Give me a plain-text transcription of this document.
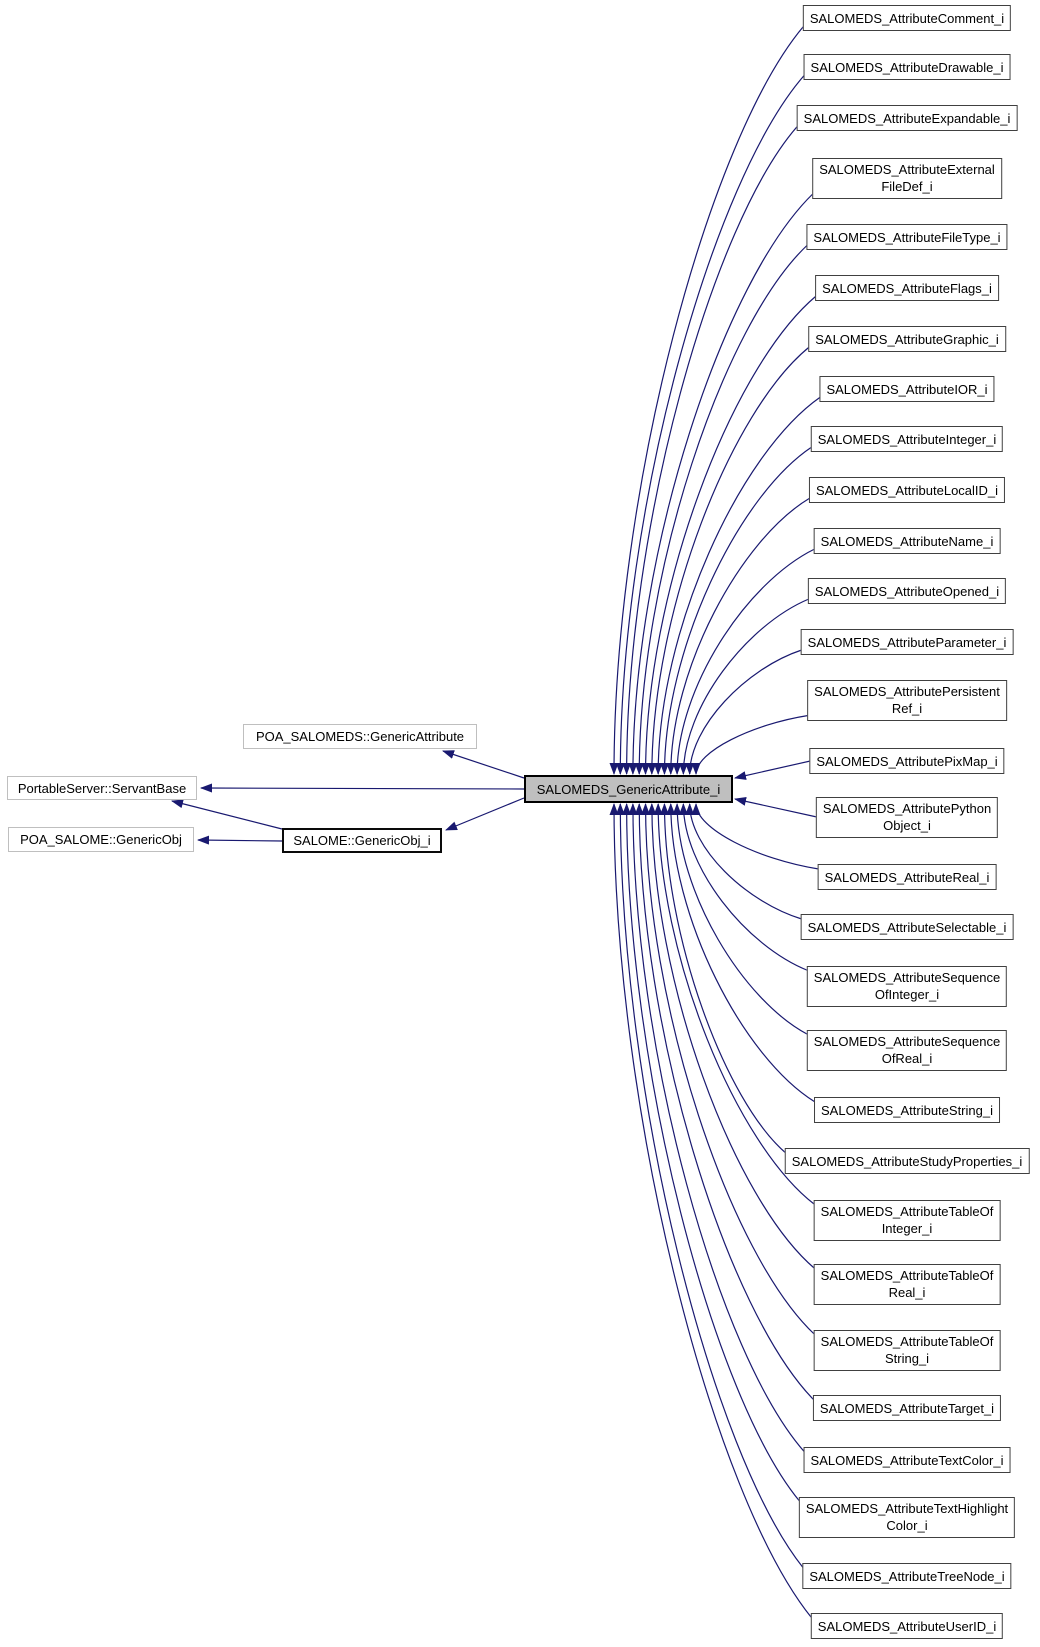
PortableServer::ServantBase
POA_SALOME::GenericObj
POA_SALOMEDS::GenericAttribute
SALOME::GenericObj_i
SALOMEDS_GenericAttribute_i
SALOMEDS_AttributeComment_i
SALOMEDS_AttributeDrawable_i
SALOMEDS_AttributeExpandable_i
SALOMEDS_AttributeExternal
FileDef_i
SALOMEDS_AttributeFileType_i
SALOMEDS_AttributeFlags_i
SALOMEDS_AttributeGraphic_i
SALOMEDS_AttributeIOR_i
SALOMEDS_AttributeInteger_i
SALOMEDS_AttributeLocalID_i
SALOMEDS_AttributeName_i
SALOMEDS_AttributeOpened_i
SALOMEDS_AttributeParameter_i
SALOMEDS_AttributePersistent
Ref_i
SALOMEDS_AttributePixMap_i
SALOMEDS_AttributePython
Object_i
SALOMEDS_AttributeReal_i
SALOMEDS_AttributeSelectable_i
SALOMEDS_AttributeSequence
OfInteger_i
SALOMEDS_AttributeSequence
OfReal_i
SALOMEDS_AttributeString_i
SALOMEDS_AttributeStudyProperties_i
SALOMEDS_AttributeTableOf
Integer_i
SALOMEDS_AttributeTableOf
Real_i
SALOMEDS_AttributeTableOf
String_i
SALOMEDS_AttributeTarget_i
SALOMEDS_AttributeTextColor_i
SALOMEDS_AttributeTextHighlight
Color_i
SALOMEDS_AttributeTreeNode_i
SALOMEDS_AttributeUserID_i
